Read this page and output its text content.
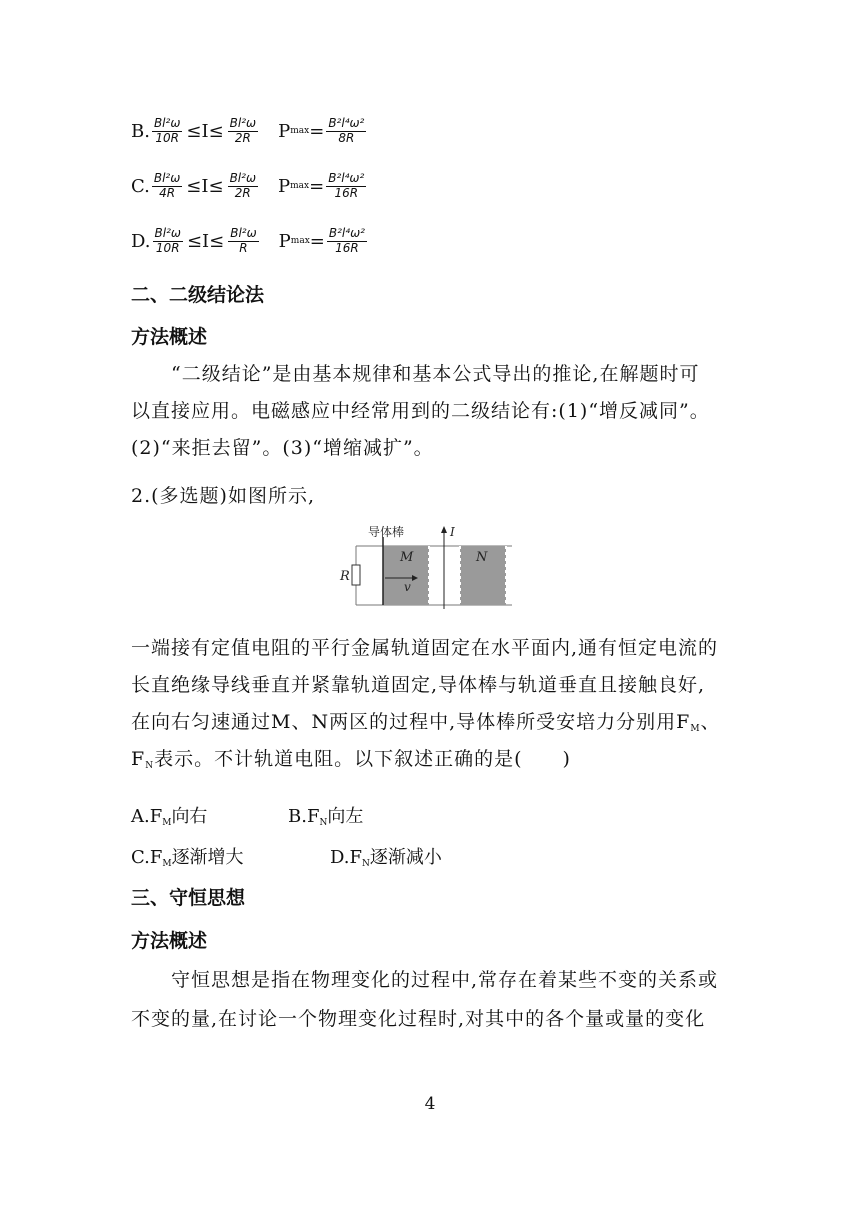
B. $\frac{\text{Bl²ω}}{10R} \le I\le \frac{\text{Bl²ω}}{2R}$ P $\max = \frac{\text{B²l⁴ω²}}{8R}$
C. $\frac{\text{Bl²ω}}{4R} \le I\le \frac{\text{Bl²ω}}{2R}$ P $\max = \frac{\text{B²l⁴ω²}}{16R}$
D. $\frac{\text{Bl²ω}}{10R} \le I\le \frac{\text{Bl²ω}}{R}$ P $\max = \frac{\text{B²l⁴ω²}}{16R}$
二、二级结论法
方法概述
“二级结论”是由基本规律和基本公式导出的推论,在解题时可
以直接应用。电磁感应中经常用到的二级结论有:(1)“增反减同”。
(2)“来拒去留”。(3)“增缩减扩”。
2.(多选题)如图所示,
导体棒	I
R
M	N
v
一端接有定值电阻的平行金属轨道固定在水平面内,通有恒定电流的
长直绝缘导线垂直并紧靠轨道固定,导体棒与轨道垂直且接触良好,
在向右匀速通过M、N两区的过程中,导体棒所受安培力分别用$F_M$、
$F_N$表示。不计轨道电阻。以下叙述正确的是(　　)
$A.F_M$向右	$B.F_N$向左
$C.F_M$逐渐增大	$D.F_N$逐渐减小
三、守恒思想
方法概述
守恒思想是指在物理变化的过程中,常存在着某些不变的关系或
不变的量,在讨论一个物理变化过程时,对其中的各个量或量的变化
4
